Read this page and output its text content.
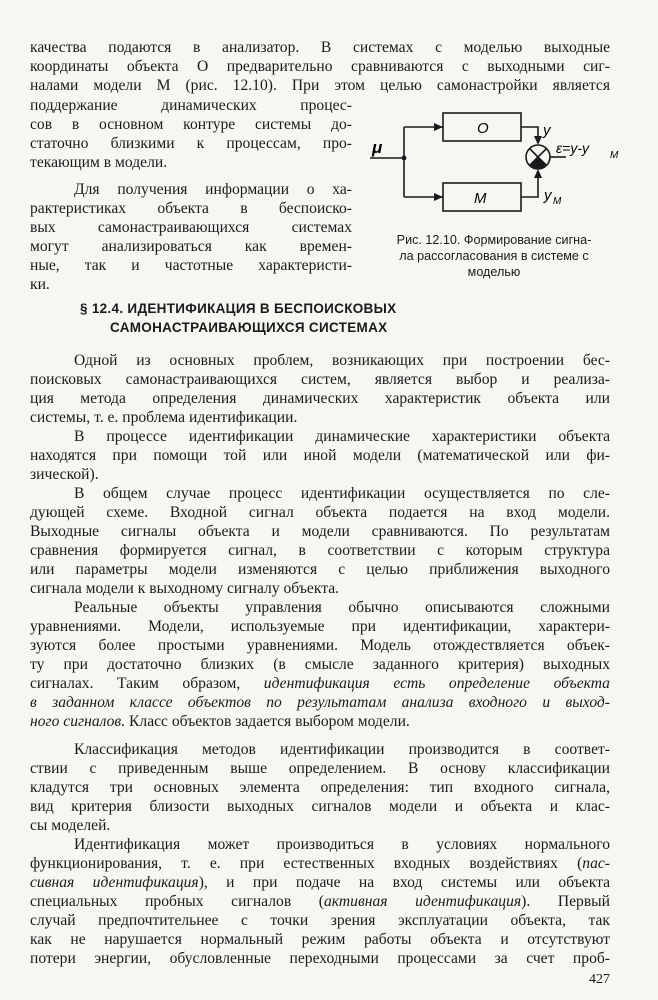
качества подаются в анализатор. В системах с моделью выходные
координаты объекта О предварительно сравниваются с выходными сиг-
налами модели М (рис. 12.10). При этом целью самонастройки является
поддержание динамических процес-
сов в основном контуре системы до-
статочно близкими к процессам, про-
текающим в модели.
Для получения информации о ха-
рактеристиках объекта в беспоиско-
вых самонастраивающихся системах
могут анализироваться как времен-
ные, так и частотные характеристи-
ки.
μ
О
М
y
y М
ε=y-y М
Рис. 12.10. Формирование сигна-
ла рассогласования в системе с
моделью
§ 12.4. ИДЕНТИФИКАЦИЯ В БЕСПОИСКОВЫХ
САМОНАСТРАИВАЮЩИХСЯ СИСТЕМАХ
Одной из основных проблем, возникающих при построении бес-
поисковых самонастраивающихся систем, является выбор и реализа-
ция метода определения динамических характеристик объекта или
системы, т. е. проблема идентификации.
В процессе идентификации динамические характеристики объекта
находятся при помощи той или иной модели (математической или фи-
зической).
В общем случае процесс идентификации осуществляется по сле-
дующей схеме. Входной сигнал объекта подается на вход модели.
Выходные сигналы объекта и модели сравниваются. По результатам
сравнения формируется сигнал, в соответствии с которым структура
или параметры модели изменяются с целью приближения выходного
сигнала модели к выходному сигналу объекта.
Реальные объекты управления обычно описываются сложными
уравнениями. Модели, используемые при идентификации, характери-
зуются более простыми уравнениями. Модель отождествляется объек-
ту при достаточно близких (в смысле заданного критерия) выходных
сигналах. Таким образом, идентификация есть определение объекта
в заданном классе объектов по результатам анализа входного и выход-
ного сигналов. Класс объектов задается выбором модели.
Классификация методов идентификации производится в соответ-
ствии с приведенным выше определением. В основу классификации
кладутся три основных элемента определения: тип входного сигнала,
вид критерия близости выходных сигналов модели и объекта и клас-
сы моделей.
Идентификация может производиться в условиях нормального
функционирования, т. е. при естественных входных воздействиях (пас-
сивная идентификация), и при подаче на вход системы или объекта
специальных пробных сигналов (активная идентификация). Первый
случай предпочтительнее с точки зрения эксплуатации объекта, так
как не нарушается нормальный режим работы объекта и отсутствуют
потери энергии, обусловленные переходными процессами за счет проб-
427
